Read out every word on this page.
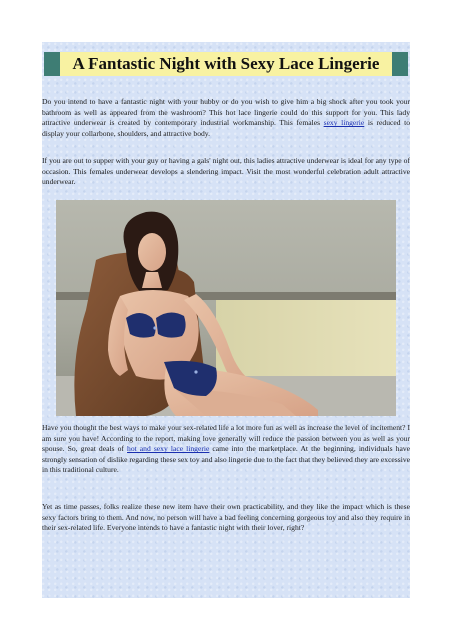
A Fantastic Night with Sexy Lace Lingerie

Do you intend to have a fantastic night with your hubby or do you wish to give him a big shock after you took your bathroom as well as appeared from the washroom? This hot lace lingerie could do this support for you. This lady attractive underwear is created by contemporary industrial workmanship. This females sexy lingerie is reduced to display your collarbone, shoulders, and attractive body.

If you are out to supper with your guy or having a gals' night out, this ladies attractive underwear is ideal for any type of occasion. This females underwear develops a slendering impact. Visit the most wonderful celebration adult attractive underwear.

Have you thought the best ways to make your sex-related life a lot more fun as well as increase the level of incitement? I am sure you have! According to the report, making love generally will reduce the passion between you as well as your spouse. So, great deals of hot and sexy lace lingerie came into the marketplace. At the beginning, individuals have strongly sensation of dislike regarding these sex toy and also lingerie due to the fact that they believed they are excessive in this traditional culture.

Yet as time passes, folks realize these new item have their own practicability, and they like the impact which is these sexy factors bring to them. And now, no person will have a bad feeling concerning gorgeous toy and also they require in their sex-related life. Everyone intends to have a fantastic night with their lover, right?
